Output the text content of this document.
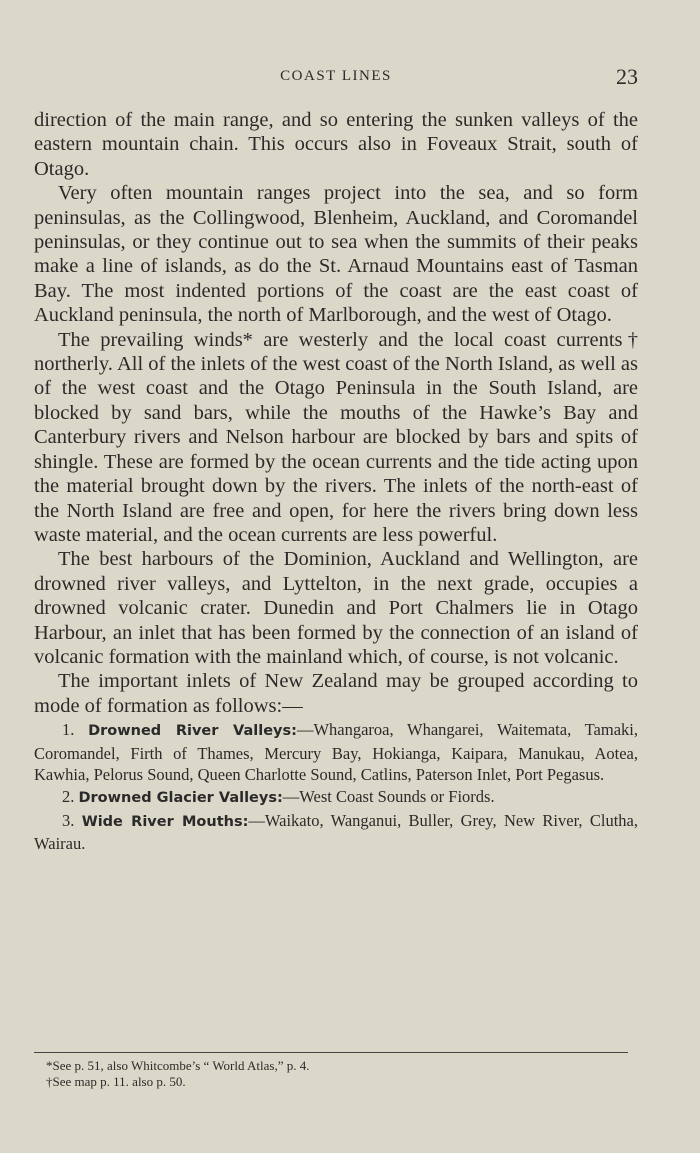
COAST LINES	23

direction of the main range, and so entering the sunken valleys of the eastern mountain chain. This occurs also in Foveaux Strait, south of Otago.

Very often mountain ranges project into the sea, and so form peninsulas, as the Collingwood, Blenheim, Auckland, and Coromandel peninsulas, or they continue out to sea when the summits of their peaks make a line of islands, as do the St. Arnaud Mountains east of Tasman Bay. The most indented portions of the coast are the east coast of Auckland peninsula, the north of Marlborough, and the west of Otago.

The prevailing winds* are westerly and the local coast currents† northerly. All of the inlets of the west coast of the North Island, as well as of the west coast and the Otago Peninsula in the South Island, are blocked by sand bars, while the mouths of the Hawke’s Bay and Canterbury rivers and Nelson harbour are blocked by bars and spits of shingle. These are formed by the ocean currents and the tide acting upon the material brought down by the rivers. The inlets of the north-east of the North Island are free and open, for here the rivers bring down less waste material, and the ocean currents are less powerful.

The best harbours of the Dominion, Auckland and Wellington, are drowned river valleys, and Lyttelton, in the next grade, occupies a drowned volcanic crater. Dunedin and Port Chalmers lie in Otago Harbour, an inlet that has been formed by the connection of an island of volcanic formation with the mainland which, of course, is not volcanic.

The important inlets of New Zealand may be grouped according to mode of formation as follows:—

1. Drowned River Valleys:—Whangaroa, Whangarei, Waitemata, Tamaki, Coromandel, Firth of Thames, Mercury Bay, Hokianga, Kaipara, Manukau, Aotea, Kawhia, Pelorus Sound, Queen Charlotte Sound, Catlins, Paterson Inlet, Port Pegasus.

2. Drowned Glacier Valleys:—West Coast Sounds or Fiords.

3. Wide River Mouths:—Waikato, Wanganui, Buller, Grey, New River, Clutha, Wairau.

*See p. 51, also Whitcombe’s “ World Atlas,” p. 4.

†See map p. 11. also p. 50.
